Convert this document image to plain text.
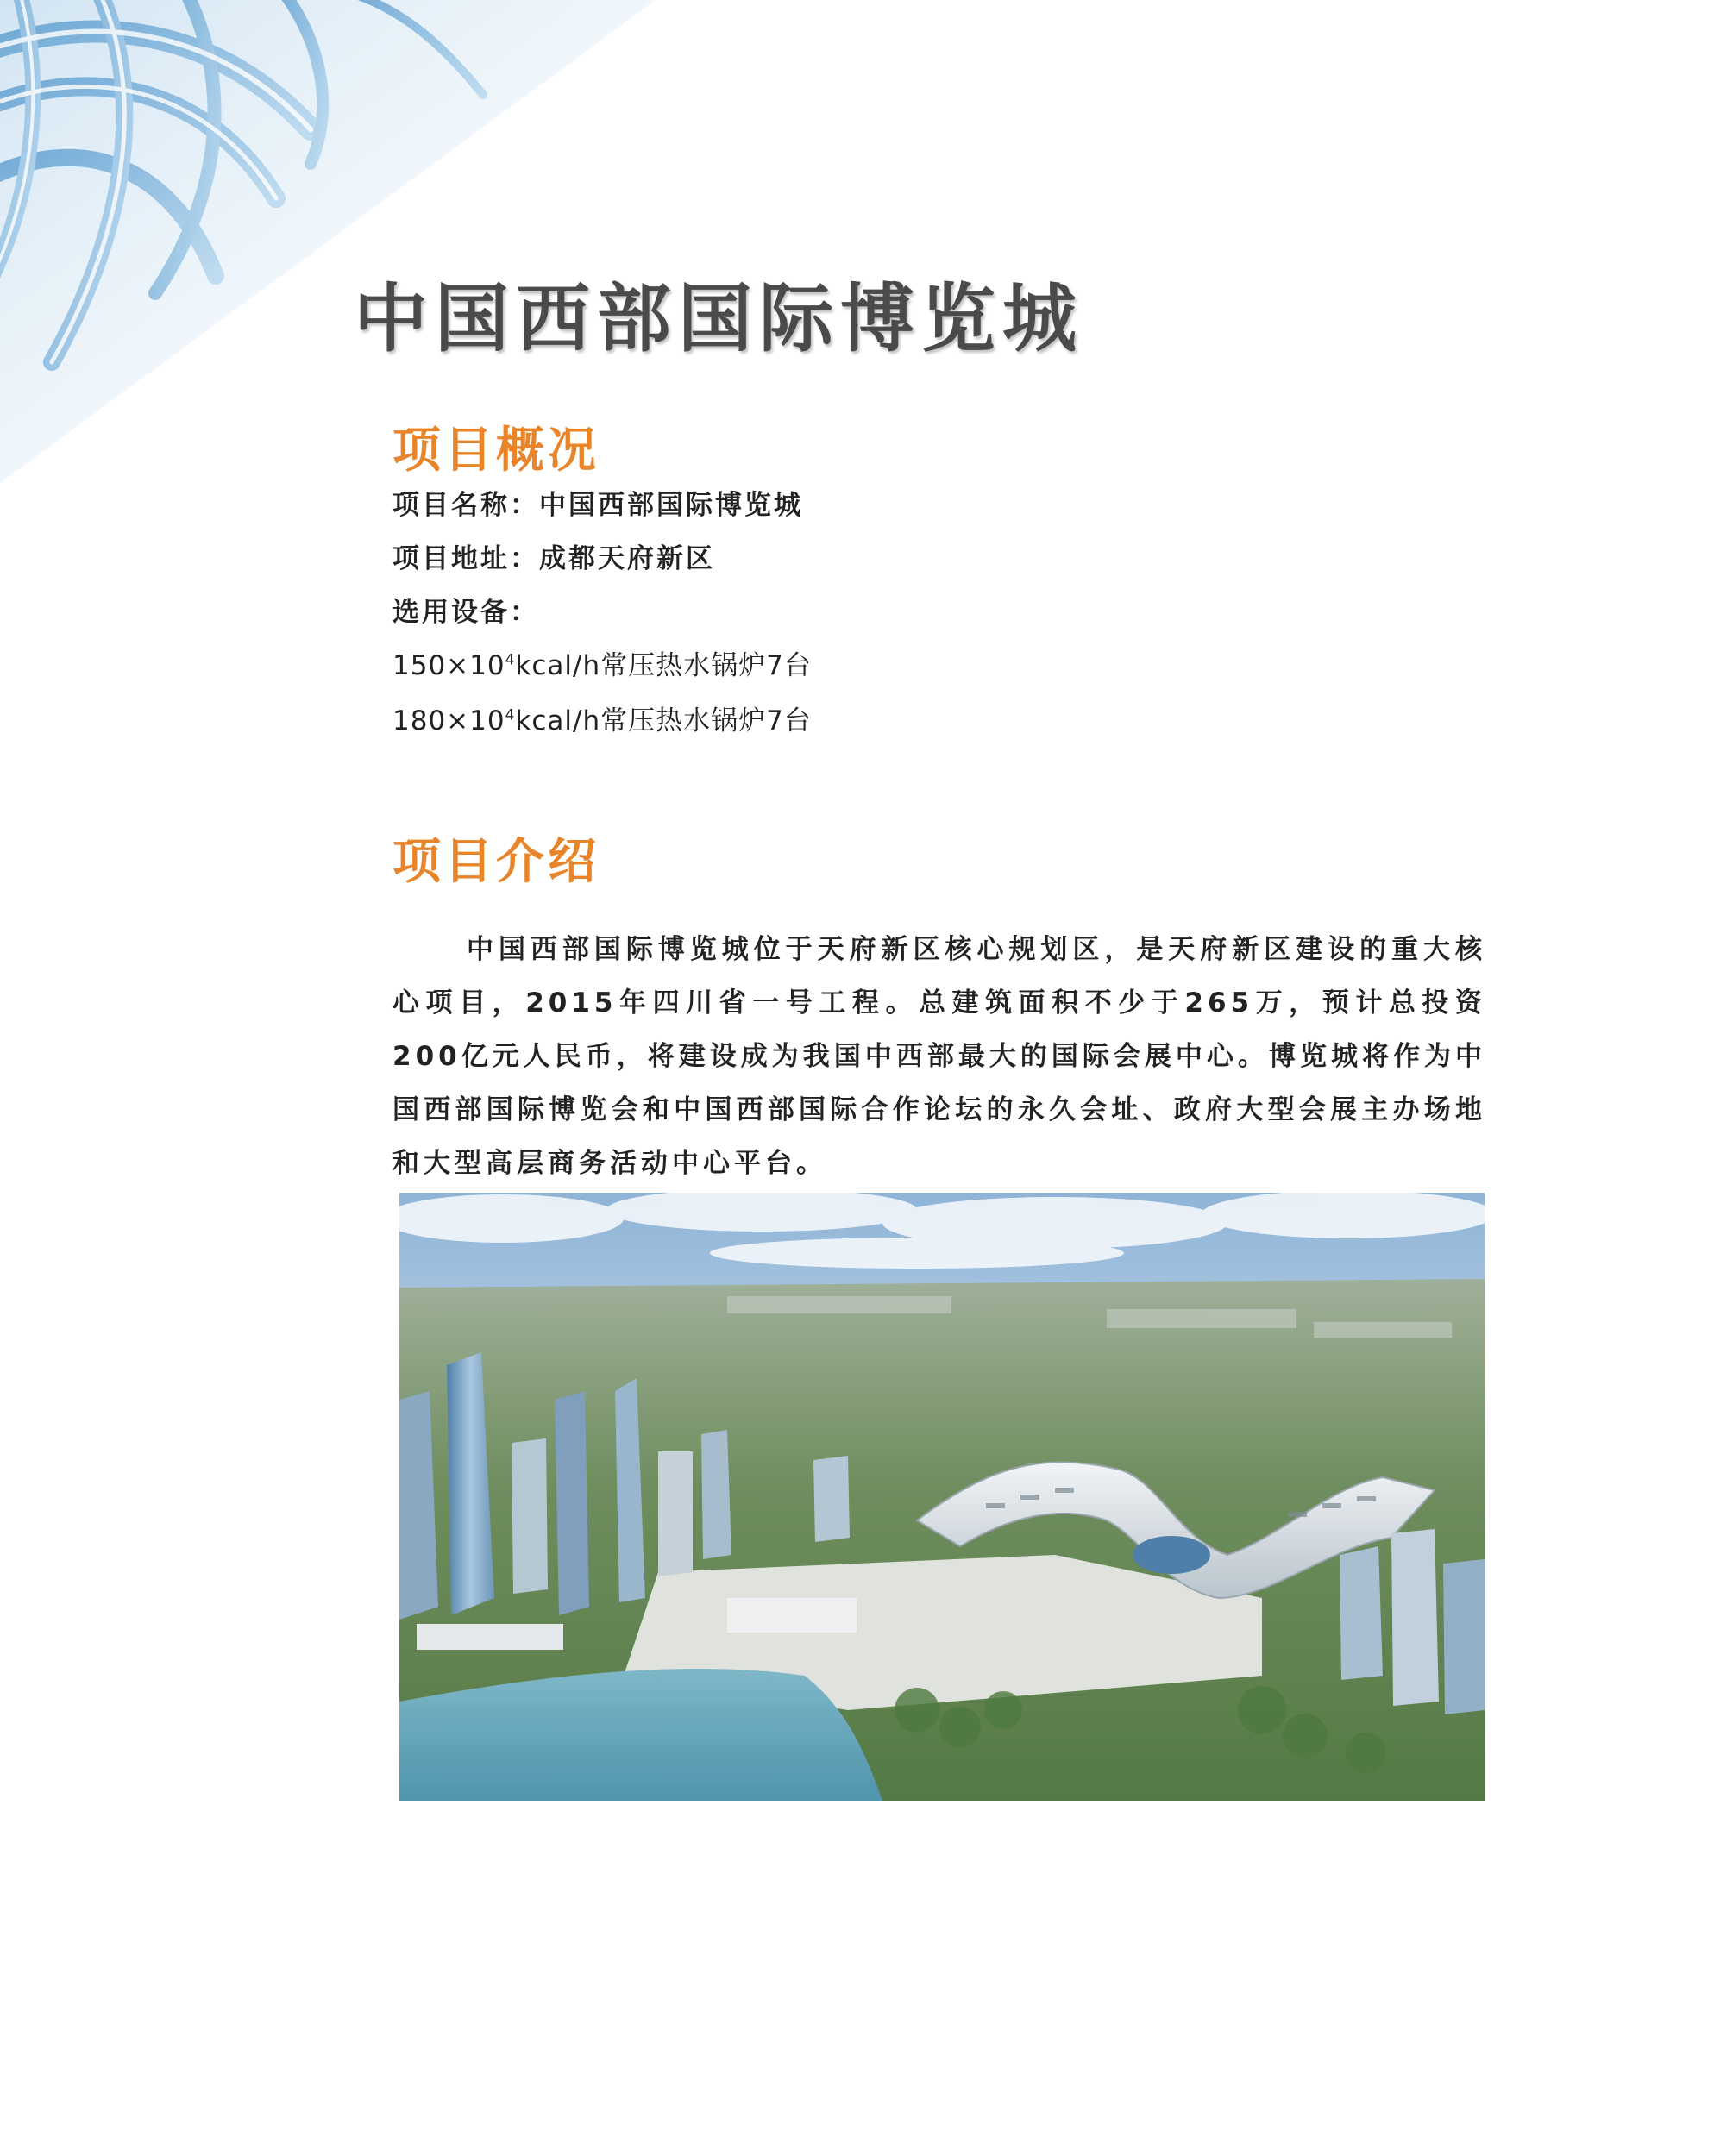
中国西部国际博览城
项目概况

项目名称：中国西部国际博览城

项目地址：成都天府新区

选用设备：

$150\times 10^4kcal/h$常压热水锅炉7台

$180\times 10^4kcal/h$常压热水锅炉7台

项目介绍

中国西部国际博览城位于天府新区核心规划区，是天府新区建设的重大核心项目，2015年四川省一号工程。总建筑面积不少于265万，预计总投资200亿元人民币，将建设成为我国中西部最大的国际会展中心。博览城将作为中国西部国际博览会和中国西部国际合作论坛的永久会址、政府大型会展主办场地和大型高层商务活动中心平台。
